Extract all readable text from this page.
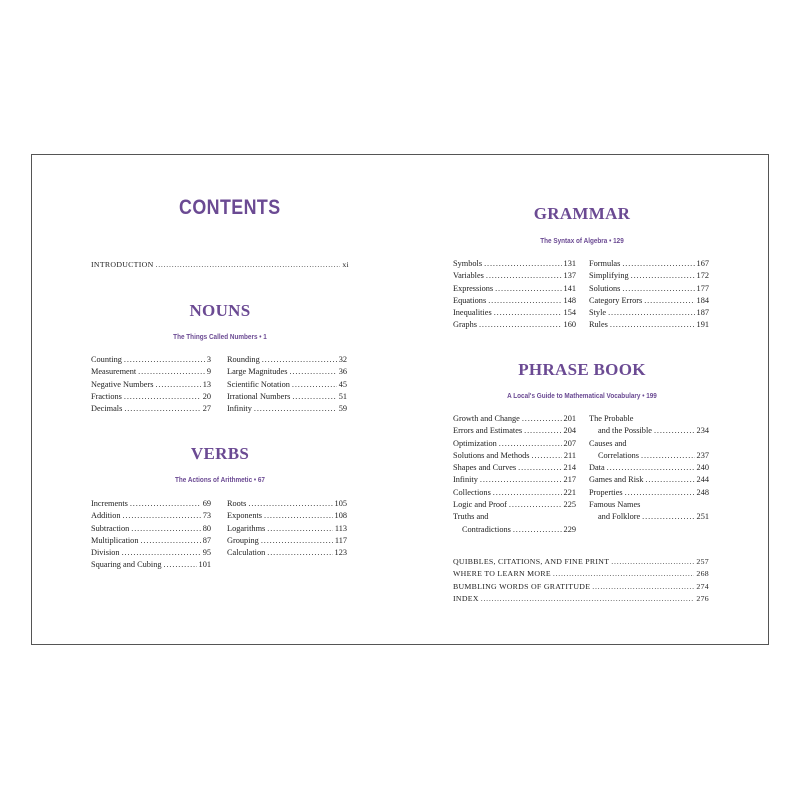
CONTENTS
INTRODUCTION . . .	xi
NOUNS
The Things Called Numbers • 1
Counting . . .	3
Measurement . . .	9
Negative Numbers . . .	13
Fractions . . .	20
Decimals . . .	27
Rounding . . .	32
Large Magnitudes . . .	36
Scientific Notation . . .	45
Irrational Numbers . . .	51
Infinity . . .	59
VERBS
The Actions of Arithmetic • 67
Increments . . .	69
Addition . . .	73
Subtraction . . .	80
Multiplication . . .	87
Division . . .	95
Squaring and Cubing . . .	101
Roots . . .	105
Exponents . . .	108
Logarithms . . .	113
Grouping . . .	117
Calculation . . .	123
GRAMMAR
The Syntax of Algebra • 129
Symbols . . .	131
Variables . . .	137
Expressions . . .	141
Equations . . .	148
Inequalities . . .	154
Graphs . . .	160
Formulas . . .	167
Simplifying . . .	172
Solutions . . .	177
Category Errors . . .	184
Style . . .	187
Rules . . .	191
PHRASE BOOK
A Local's Guide to Mathematical Vocabulary • 199
Growth and Change . . .	201
Errors and Estimates . . .	204
Optimization . . .	207
Solutions and Methods . . .	211
Shapes and Curves . . .	214
Infinity . . .	217
Collections . . .	221
Logic and Proof . . .	225
Truths and
Contradictions . . .	229
The Probable
and the Possible . . .	234
Causes and
Correlations . . .	237
Data . . .	240
Games and Risk . . .	244
Properties . . .	248
Famous Names
and Folklore . . .	251
QUIBBLES, CITATIONS, AND FINE PRINT . . .	257
WHERE TO LEARN MORE . . .	268
BUMBLING WORDS OF GRATITUDE . . .	274
INDEX . . .	276
